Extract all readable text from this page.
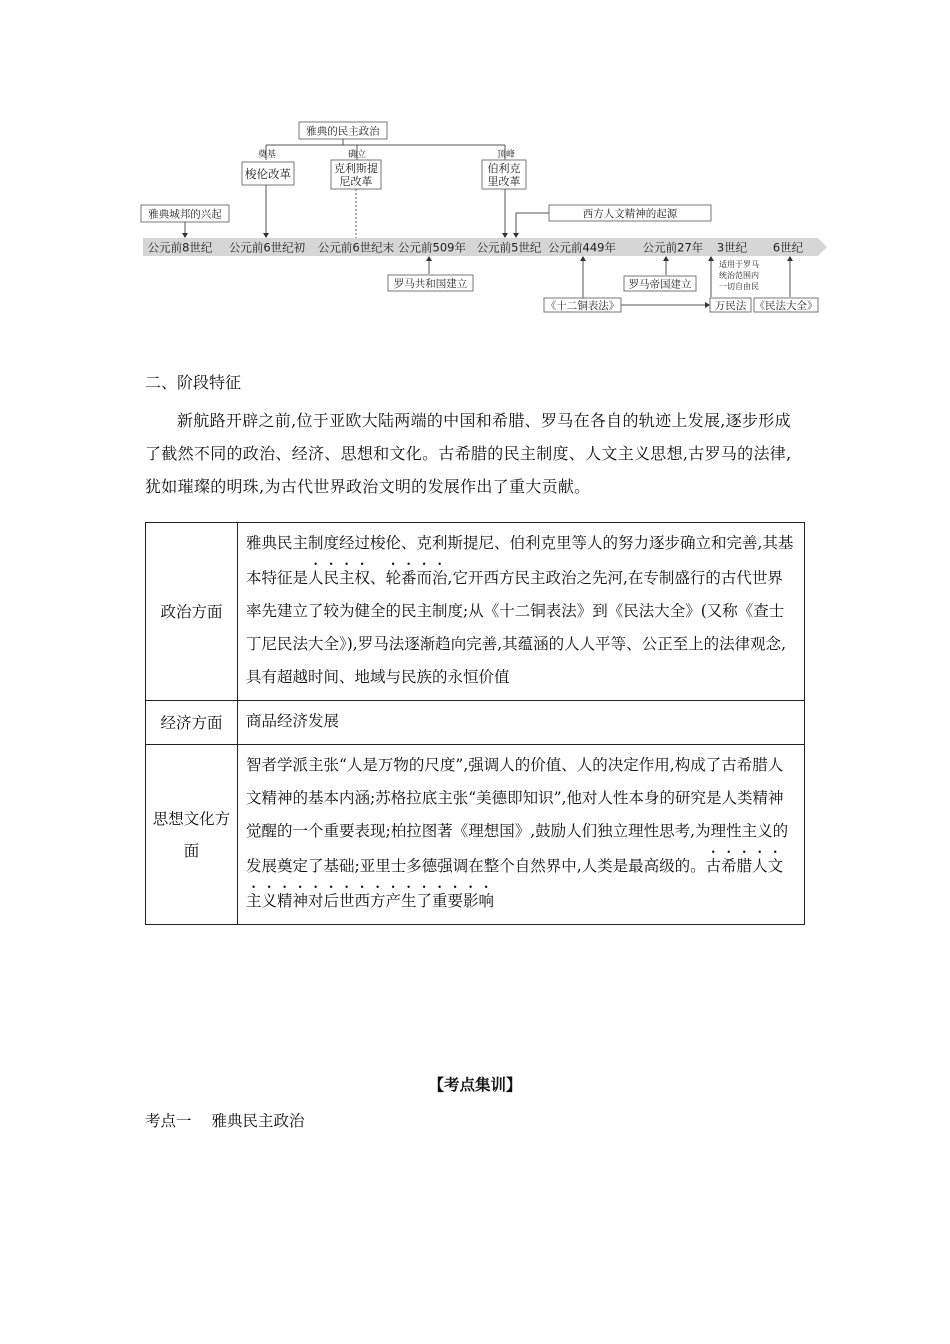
雅典的民主政治
奠基	确立	顶峰
梭伦改革	克利斯提
尼改革
伯利克
里改革
雅典城邦的兴起	西方人文精神的起源
公元前8世纪 公元前6世纪初 公元前6世纪末 公元前509年 公元前5世纪 公元前449年 公元前27年 3世纪 6世纪
罗马共和国建立	罗马帝国建立
适用于罗马
统治范围内
一切自由民
《十二铜表法》	万民法 《民法大全》
二、阶段特征
新航路开辟之前,位于亚欧大陆两端的中国和希腊、罗马在各自的轨迹上发展,逐步形成了截然不同的政治、经济、思想和文化。古希腊的民主制度、人文主义思想,古罗马的法律,犹如璀璨的明珠,为古代世界政治文明的发展作出了重大贡献。
政治方面	雅典民主制度经过梭伦、克利斯提尼、伯利克里等人的努力逐步确立和完善,其基本特征是人民主权、轮番而治,它开西方民主政治之先河,在专制盛行的古代世界率先建立了较为健全的民主制度;从《十二铜表法》到《民法大全》(又称《查士丁尼民法大全》),罗马法逐渐趋向完善,其蕴涵的人人平等、公正至上的法律观念,具有超越时间、地域与民族的永恒价值
经济方面	商品经济发展
思想文化方面	智者学派主张“人是万物的尺度”,强调人的价值、人的决定作用,构成了古希腊人文精神的基本内涵;苏格拉底主张“美德即知识”,他对人性本身的研究是人类精神觉醒的一个重要表现;柏拉图著《理想国》,鼓励人们独立理性思考,为理性主义的发展奠定了基础;亚里士多德强调在整个自然界中,人类是最高级的。古希腊人文主义精神对后世西方产生了重要影响
【考点集训】
考点一 雅典民主政治
